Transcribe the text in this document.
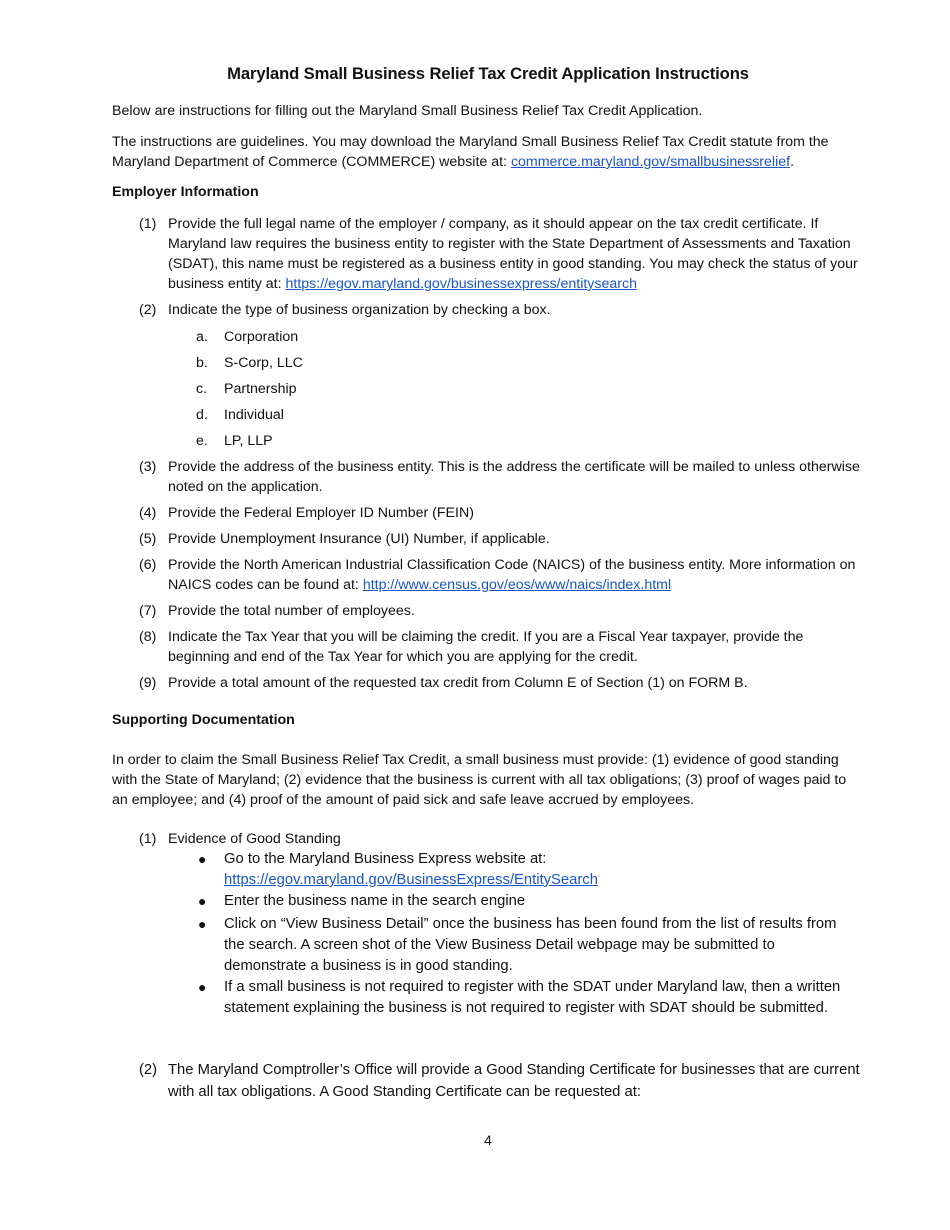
Maryland Small Business Relief Tax Credit Application Instructions
Below are instructions for filling out the Maryland Small Business Relief Tax Credit Application.
The instructions are guidelines. You may download the Maryland Small Business Relief Tax Credit statute from the Maryland Department of Commerce (COMMERCE) website at: commerce.maryland.gov/smallbusinessrelief.
Employer Information
(1) Provide the full legal name of the employer / company, as it should appear on the tax credit certificate. If Maryland law requires the business entity to register with the State Department of Assessments and Taxation (SDAT), this name must be registered as a business entity in good standing. You may check the status of your business entity at: https://egov.maryland.gov/businessexpress/entitysearch
(2) Indicate the type of business organization by checking a box.
a. Corporation
b. S-Corp, LLC
c. Partnership
d. Individual
e. LP, LLP
(3) Provide the address of the business entity. This is the address the certificate will be mailed to unless otherwise noted on the application.
(4) Provide the Federal Employer ID Number (FEIN)
(5) Provide Unemployment Insurance (UI) Number, if applicable.
(6) Provide the North American Industrial Classification Code (NAICS) of the business entity. More information on NAICS codes can be found at: http://www.census.gov/eos/www/naics/index.html
(7) Provide the total number of employees.
(8) Indicate the Tax Year that you will be claiming the credit. If you are a Fiscal Year taxpayer, provide the beginning and end of the Tax Year for which you are applying for the credit.
(9) Provide a total amount of the requested tax credit from Column E of Section (1) on FORM B.
Supporting Documentation
In order to claim the Small Business Relief Tax Credit, a small business must provide: (1) evidence of good standing with the State of Maryland; (2) evidence that the business is current with all tax obligations; (3) proof of wages paid to an employee; and (4) proof of the amount of paid sick and safe leave accrued by employees.
(1) Evidence of Good Standing
● Go to the Maryland Business Express website at: https://egov.maryland.gov/BusinessExpress/EntitySearch
● Enter the business name in the search engine
● Click on “View Business Detail” once the business has been found from the list of results from the search. A screen shot of the View Business Detail webpage may be submitted to demonstrate a business is in good standing.
● If a small business is not required to register with the SDAT under Maryland law, then a written statement explaining the business is not required to register with SDAT should be submitted.
(2) The Maryland Comptroller’s Office will provide a Good Standing Certificate for businesses that are current with all tax obligations. A Good Standing Certificate can be requested at:
4
